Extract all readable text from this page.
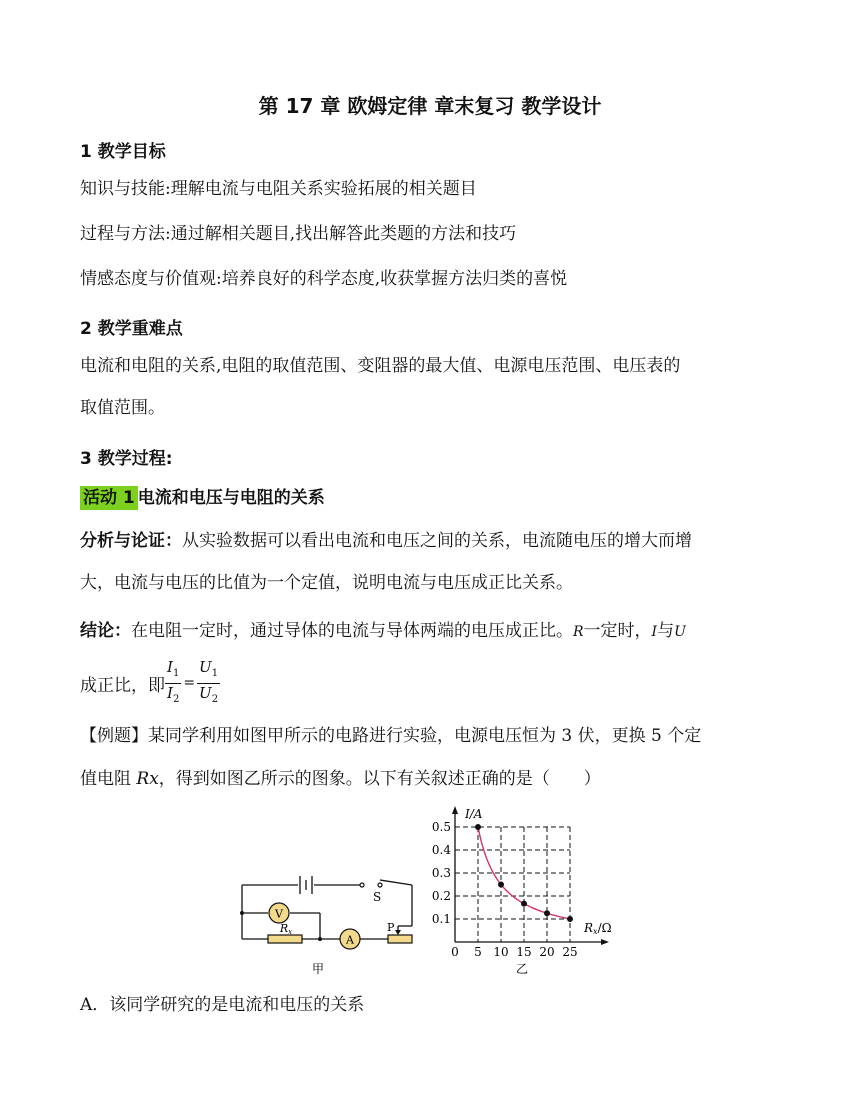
第 17 章 欧姆定律 章末复习 教学设计
1 教学目标
知识与技能:理解电流与电阻关系实验拓展的相关题目
过程与方法:通过解相关题目,找出解答此类题的方法和技巧
情感态度与价值观:培养良好的科学态度,收获掌握方法归类的喜悦
2 教学重难点
电流和电阻的关系,电阻的取值范围、变阻器的最大值、电源电压范围、电压表的
取值范围。
3 教学过程:
活动 1 电流和电压与电阻的关系
分析与论证：从实验数据可以看出电流和电压之间的关系，电流随电压的增大而增
大，电流与电压的比值为一个定值，说明电流与电压成正比关系。
结论：在电阻一定时，通过导体的电流与导体两端的电压成正比。R一定时，I与U
成正比，即 $\frac{I_1}{I_2} = \frac{U_1}{U_2}$
【例题】某同学利用如图甲所示的电路进行实验，电源电压恒为 3 伏，更换 5 个定
值电阻 Rx，得到如图乙所示的图象。以下有关叙述正确的是（　　）
V
Rx
A
P
S
甲
0.1
0.2
0.3
0.4
0.5
0 5 10 15 20 25
I/A
Rx/Ω
乙
A．该同学研究的是电流和电压的关系
